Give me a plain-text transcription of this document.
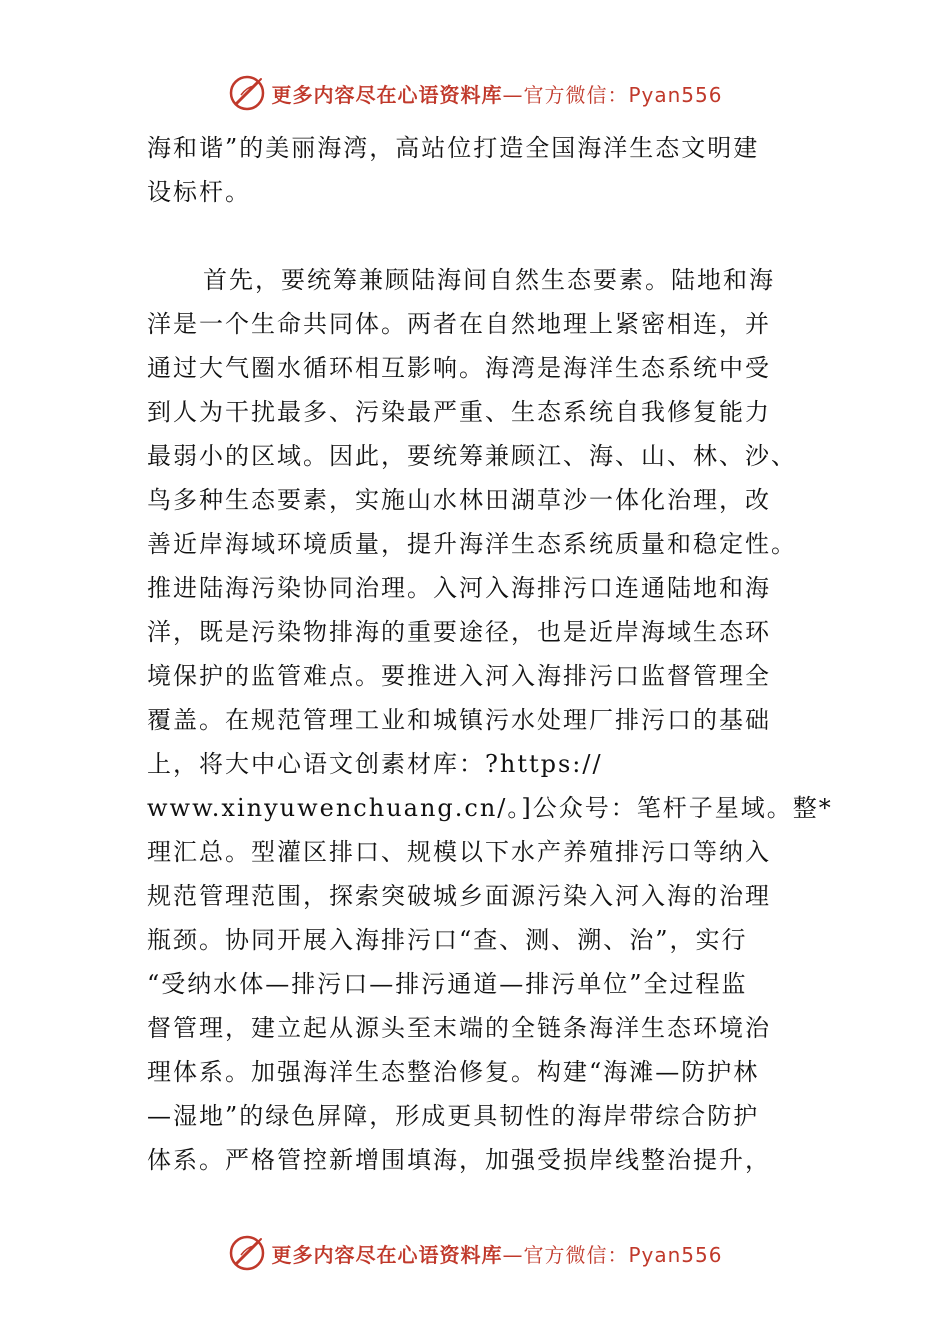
更多内容尽在心语资料库—官方微信：Pyan556
海和谐”的美丽海湾，高站位打造全国海洋生态文明建
设标杆。
首先，要统筹兼顾陆海间自然生态要素。陆地和海
洋是一个生命共同体。两者在自然地理上紧密相连，并
通过大气圈水循环相互影响。海湾是海洋生态系统中受
到人为干扰最多、污染最严重、生态系统自我修复能力
最弱小的区域。因此，要统筹兼顾江、海、山、林、沙、
鸟多种生态要素，实施山水林田湖草沙一体化治理，改
善近岸海域环境质量，提升海洋生态系统质量和稳定性。
推进陆海污染协同治理。入河入海排污口连通陆地和海
洋，既是污染物排海的重要途径，也是近岸海域生态环
境保护的监管难点。要推进入河入海排污口监督管理全
覆盖。在规范管理工业和城镇污水处理厂排污口的基础
上，将大中心语文创素材库：?https://
www.xinyuwenchuang.cn/。]公众号：笔杆子星域。整*
理汇总。型灌区排口、规模以下水产养殖排污口等纳入
规范管理范围，探索突破城乡面源污染入河入海的治理
瓶颈。协同开展入海排污口“查、测、溯、治”，实行
“受纳水体—排污口—排污通道—排污单位”全过程监
督管理，建立起从源头至末端的全链条海洋生态环境治
理体系。加强海洋生态整治修复。构建“海滩—防护林
—湿地”的绿色屏障，形成更具韧性的海岸带综合防护
体系。严格管控新增围填海，加强受损岸线整治提升，
更多内容尽在心语资料库—官方微信：Pyan556
